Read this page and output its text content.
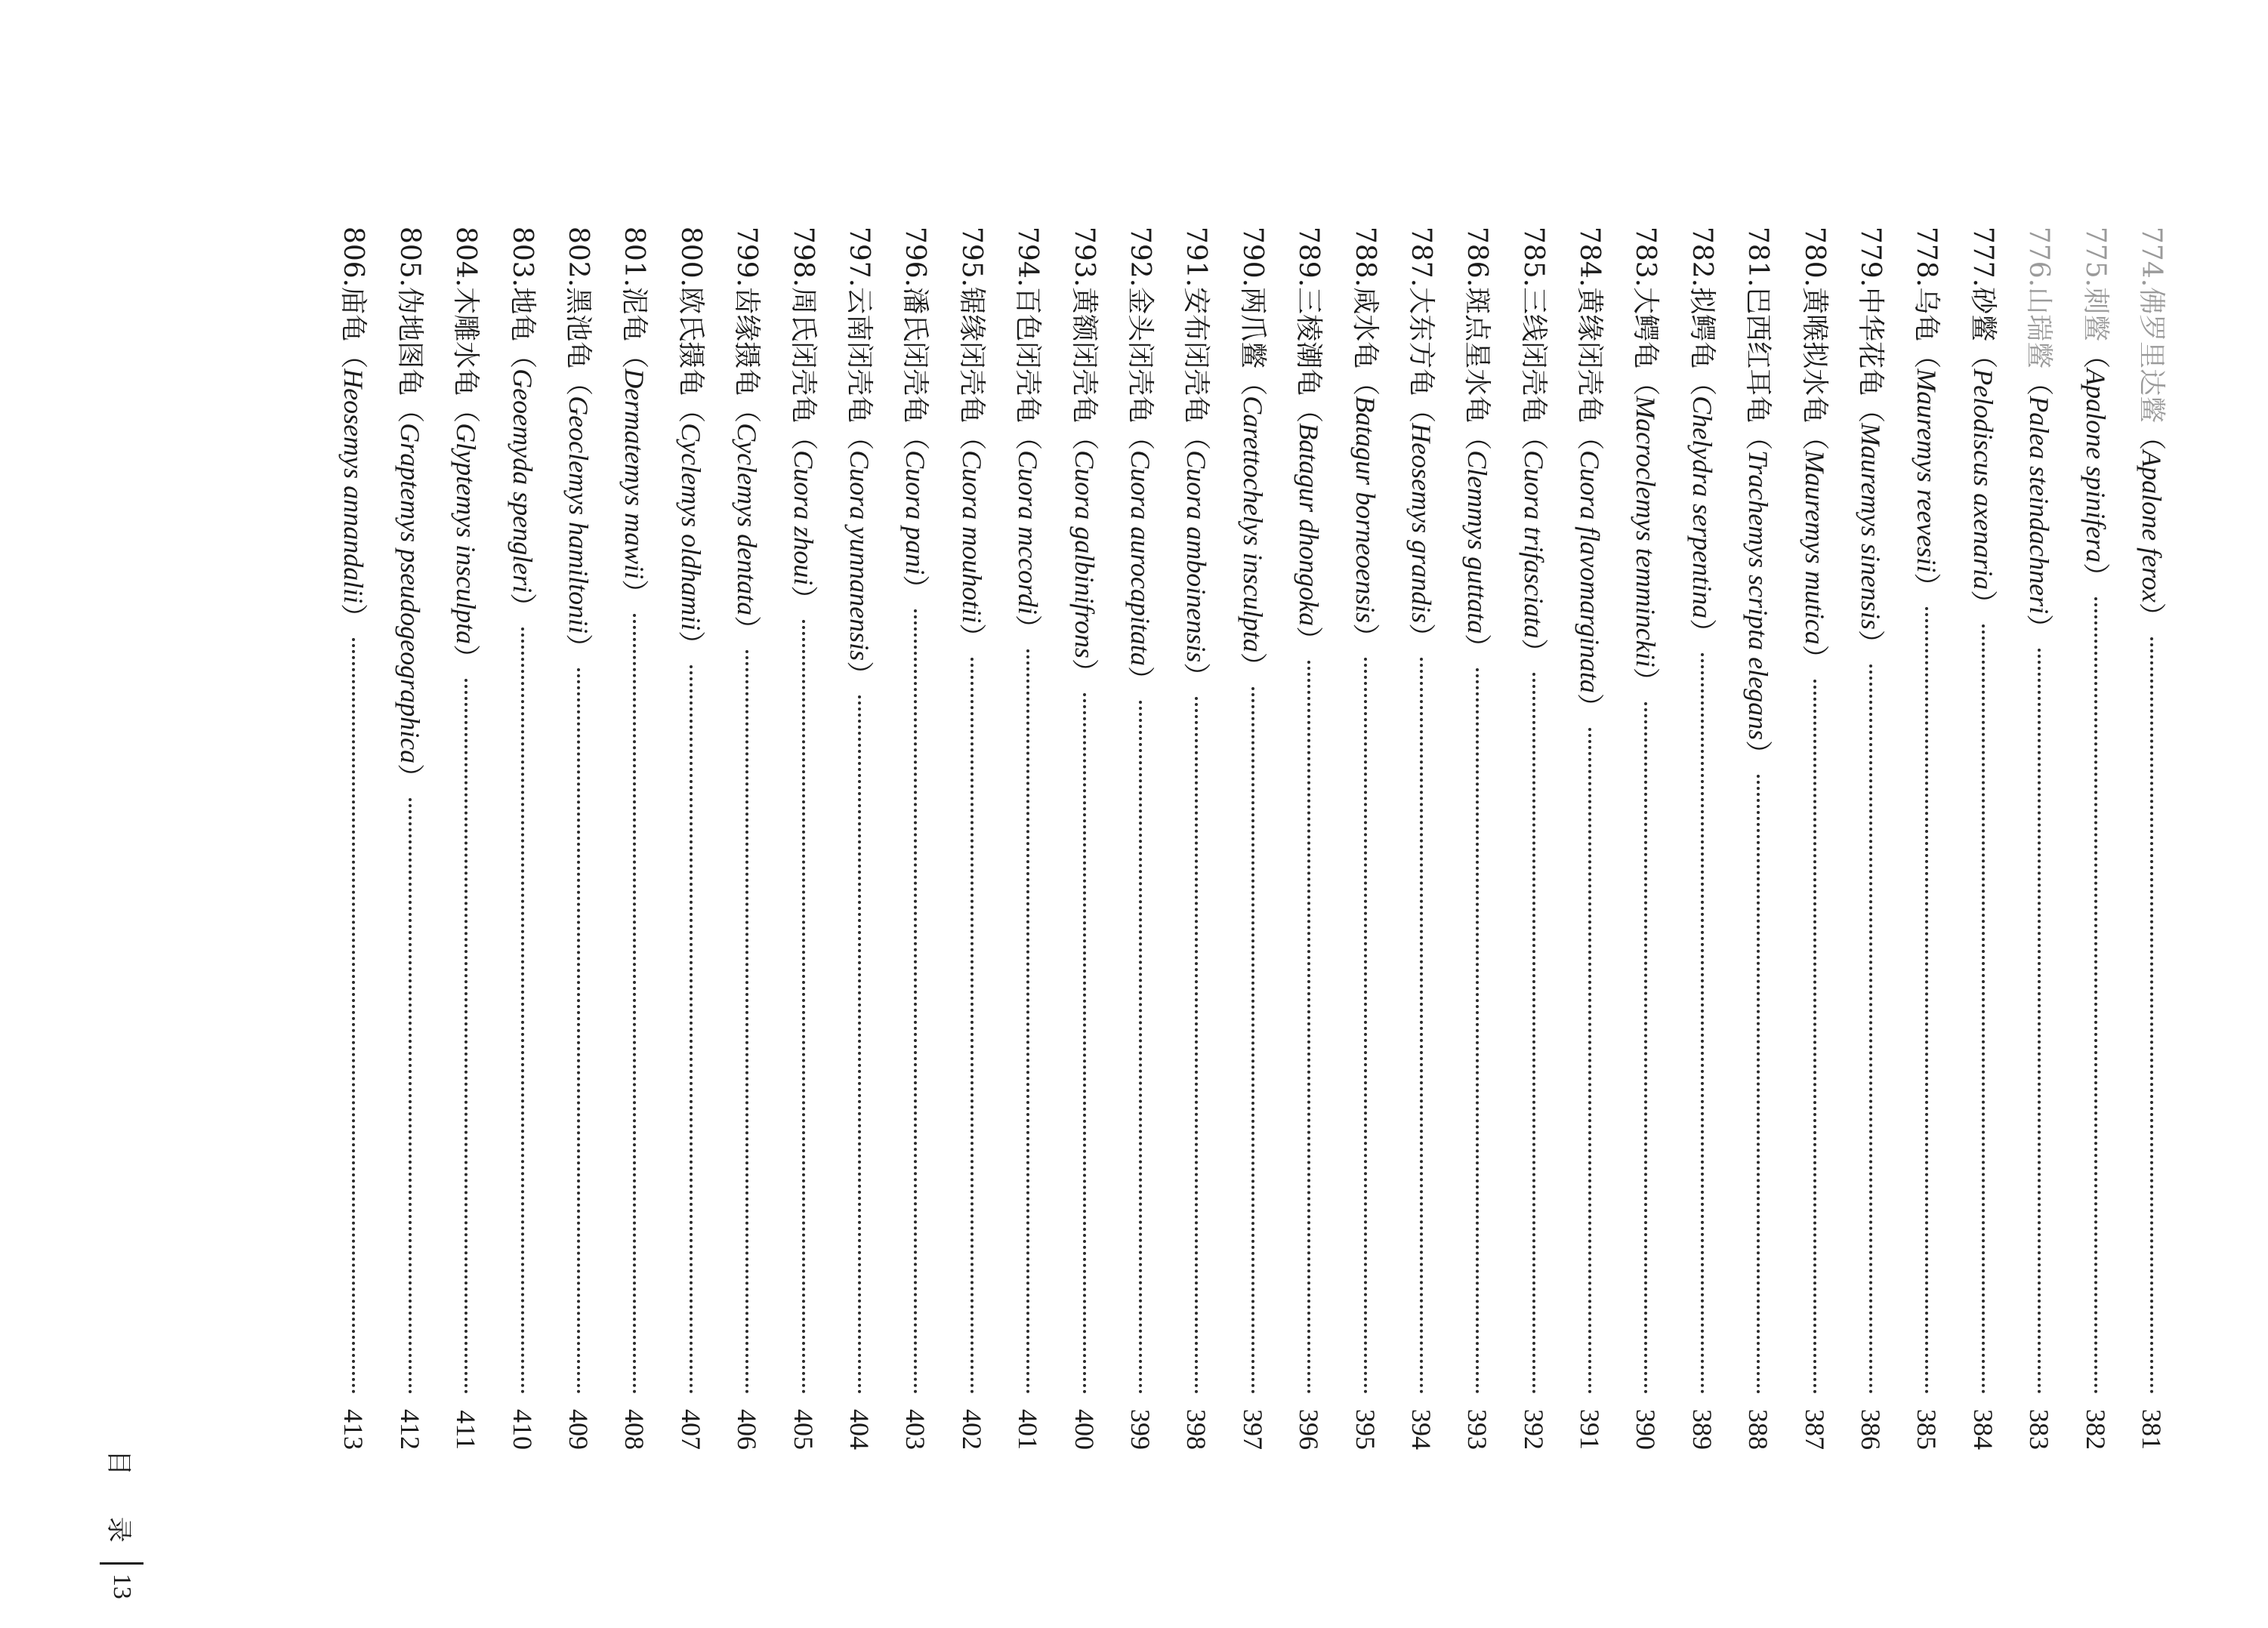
774.
佛罗里达鳖
（Apalone ferox）
381
775.
刺鳖
（Apalone spinifera）
382
776.
山瑞鳖
（Palea steindachneri）
383
777.
砂鳖
（Pelodiscus axenaria）
384
778.
乌龟
（Mauremys reevesii）
385
779.
中华花龟
（Mauremys sinensis）
386
780.
黄喉拟水龟
（Mauremys mutica）
387
781.
巴西红耳龟
（Trachemys scripta elegans）
388
782.
拟鳄龟
（Chelydra serpentina）
389
783.
大鳄龟
（Macroclemys temminckii）
390
784.
黄缘闭壳龟
（Cuora flavomarginata）
391
785.
三线闭壳龟
（Cuora trifasciata）
392
786.
斑点星水龟
（Clemmys guttata）
393
787.
大东方龟
（Heosemys grandis）
394
788.
咸水龟
（Batagur borneoensis）
395
789.
三棱潮龟
（Batagur dhongoka）
396
790.
两爪鳖
（Carettochelys insculpta）
397
791.
安布闭壳龟
（Cuora amboinensis）
398
792.
金头闭壳龟
（Cuora aurocapitata）
399
793.
黄额闭壳龟
（Cuora galbinifrons）
400
794.
百色闭壳龟
（Cuora mccordi）
401
795.
锯缘闭壳龟
（Cuora mouhotii）
402
796.
潘氏闭壳龟
（Cuora pani）
403
797.
云南闭壳龟
（Cuora yunnanensis）
404
798.
周氏闭壳龟
（Cuora zhoui）
405
799.
齿缘摄龟
（Cyclemys dentata）
406
800.
欧氏摄龟
（Cyclemys oldhamii）
407
801.
泥龟
（Dermatemys mawii）
408
802.
黑池龟
（Geoclemys hamiltonii）
409
803.
地龟
（Geoemyda spengleri）
410
804.
木雕水龟
（Glyptemys insculpta）
411
805.
伪地图龟
（Graptemys pseudogeographica）
412
806.
庙龟
（Heosemys annandalii）
413
目 录
13
